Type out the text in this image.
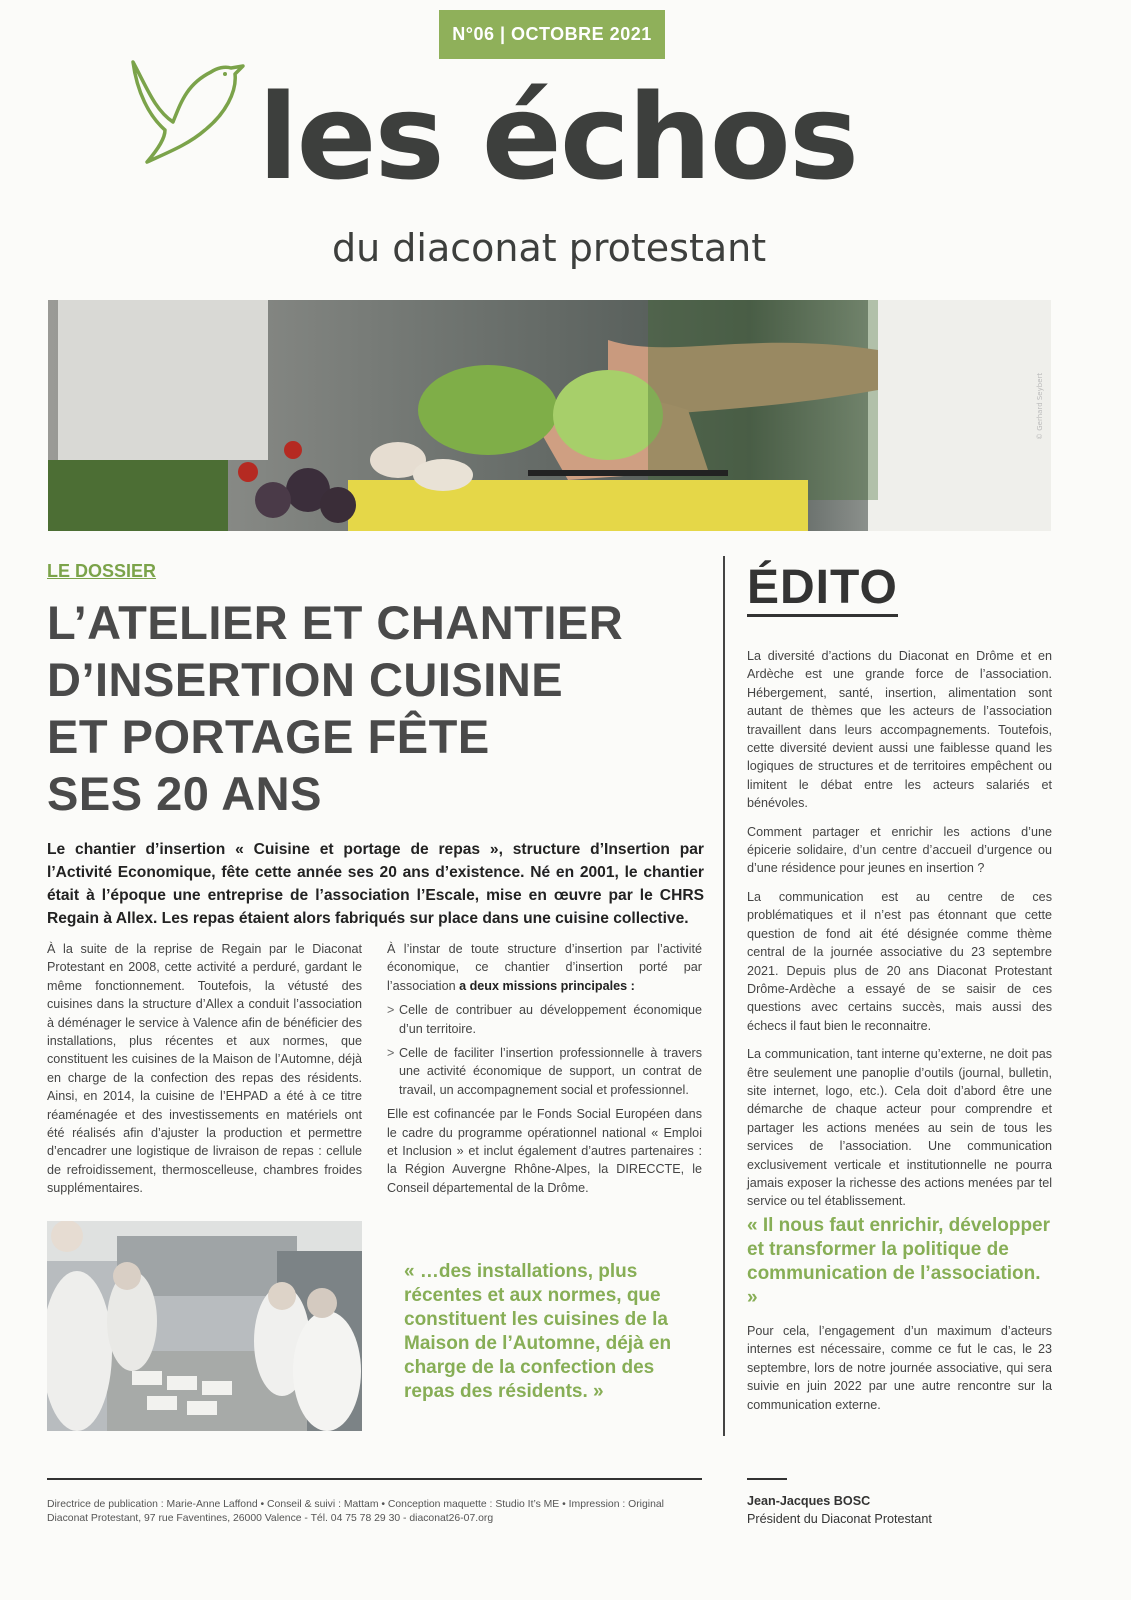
N°06 | OCTOBRE 2021
les échos
du diaconat protestant
© Gerhard Seybert
LE DOSSIER
L’ATELIER ET CHANTIER
D’INSERTION CUISINE
ET PORTAGE FÊTE
SES 20 ANS
Le chantier d’insertion « Cuisine et portage de repas », structure d’Insertion par l’Activité Economique, fête cette année ses 20 ans d’existence. Né en 2001, le chantier était à l’époque une entreprise de l’association l’Escale, mise en œuvre par le CHRS Regain à Allex. Les repas étaient alors fabriqués sur place dans une cuisine collective.

À la suite de la reprise de Regain par le Diaconat Protestant en 2008, cette activité a perduré, gardant le même fonctionnement. Toutefois, la vétusté des cuisines dans la structure d’Allex a conduit l’association à déménager le service à Valence afin de bénéficier des installations, plus récentes et aux normes, que constituent les cuisines de la Maison de l’Automne, déjà en charge de la confection des repas des résidents. Ainsi, en 2014, la cuisine de l’EHPAD a été à ce titre réaménagée et des investissements en matériels ont été réalisés afin d’ajuster la production et permettre d’encadrer une logistique de livraison de repas : cellule de refroidissement, thermoscelleuse, chambres froides supplémentaires.

À l’instar de toute structure d’insertion par l’activité économique, ce chantier d’insertion porté par l’association a deux missions principales :

> Celle de contribuer au développement économique d’un territoire.
> Celle de faciliter l’insertion professionnelle à travers une activité économique de support, un contrat de travail, un accompagnement social et professionnel.

Elle est cofinancée par le Fonds Social Européen dans le cadre du programme opérationnel national « Emploi et Inclusion » et inclut également d’autres partenaires : la Région Auvergne Rhône-Alpes, la DIRECCTE, le Conseil départemental de la Drôme.

« …des installations, plus récentes et aux normes, que constituent les cuisines de la Maison de l’Automne, déjà en charge de la confection des repas des résidents. »
ÉDITO

La diversité d’actions du Diaconat en Drôme et en Ardèche est une grande force de l’association. Hébergement, santé, insertion, alimentation sont autant de thèmes que les acteurs de l’association travaillent dans leurs accompagnements. Toutefois, cette diversité devient aussi une faiblesse quand les logiques de structures et de territoires empêchent ou limitent le débat entre les acteurs salariés et bénévoles.

Comment partager et enrichir les actions d’une épicerie solidaire, d’un centre d’accueil d’urgence ou d’une résidence pour jeunes en insertion ?

La communication est au centre de ces problématiques et il n’est pas étonnant que cette question de fond ait été désignée comme thème central de la journée associative du 23 septembre 2021. Depuis plus de 20 ans Diaconat Protestant Drôme-Ardèche a essayé de se saisir de ces questions avec certains succès, mais aussi des échecs il faut bien le reconnaitre.

La communication, tant interne qu’externe, ne doit pas être seulement une panoplie d’outils (journal, bulletin, site internet, logo, etc.). Cela doit d’abord être une démarche de chaque acteur pour comprendre et partager les actions menées au sein de tous les services de l’association. Une communication exclusivement verticale et institutionnelle ne pourra jamais exposer la richesse des actions menées par tel service ou tel établissement.

« Il nous faut enrichir, développer et transformer la politique de communication de l’association. »
Pour cela, l’engagement d’un maximum d’acteurs internes est nécessaire, comme ce fut le cas, le 23 septembre, lors de notre journée associative, qui sera suivie en juin 2022 par une autre rencontre sur la communication externe.
Directrice de publication : Marie-Anne Laffond • Conseil & suivi : Mattam • Conception maquette : Studio It’s ME • Impression : Original
Diaconat Protestant, 97 rue Faventines, 26000 Valence - Tél. 04 75 78 29 30 - diaconat26-07.org
Jean-Jacques BOSC
Président du Diaconat Protestant
